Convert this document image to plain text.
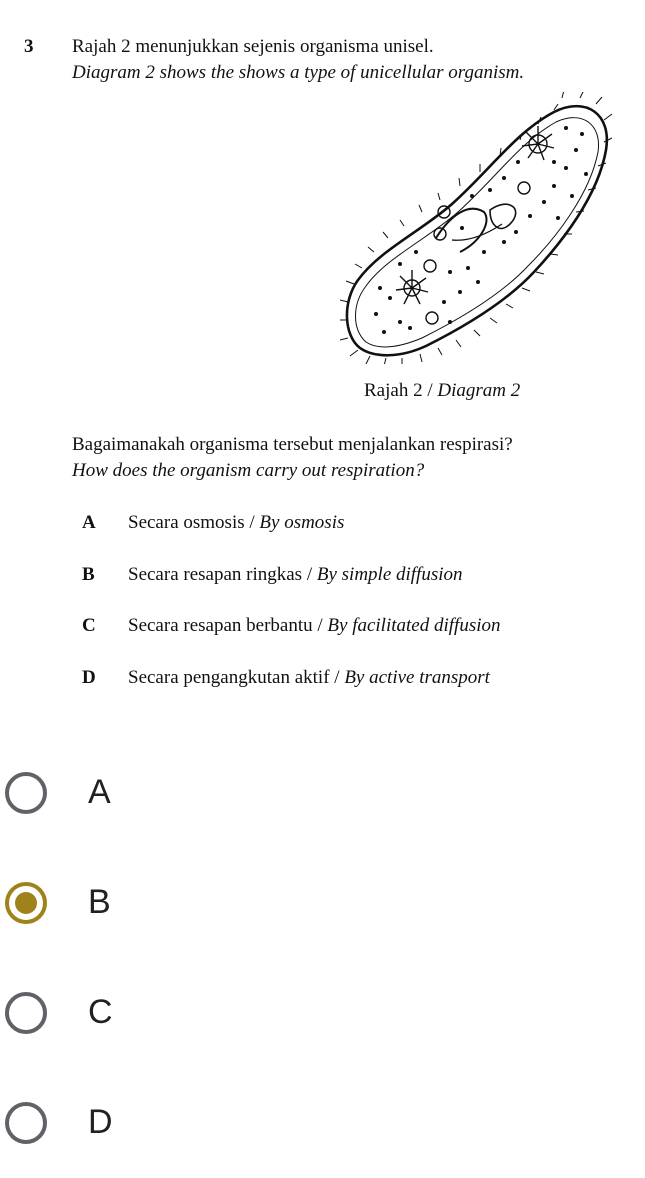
3 Rajah 2 menunjukkan sejenis organisma unisel.
Diagram 2 shows the shows a type of unicellular organism.
Rajah 2 / Diagram 2
Bagaimanakah organisma tersebut menjalankan respirasi?
How does the organism carry out respiration?
A Secara osmosis / By osmosis
B Secara resapan ringkas / By simple diffusion
C Secara resapan berbantu / By facilitated diffusion
D Secara pengangkutan aktif / By active transport
A
B
C
D
